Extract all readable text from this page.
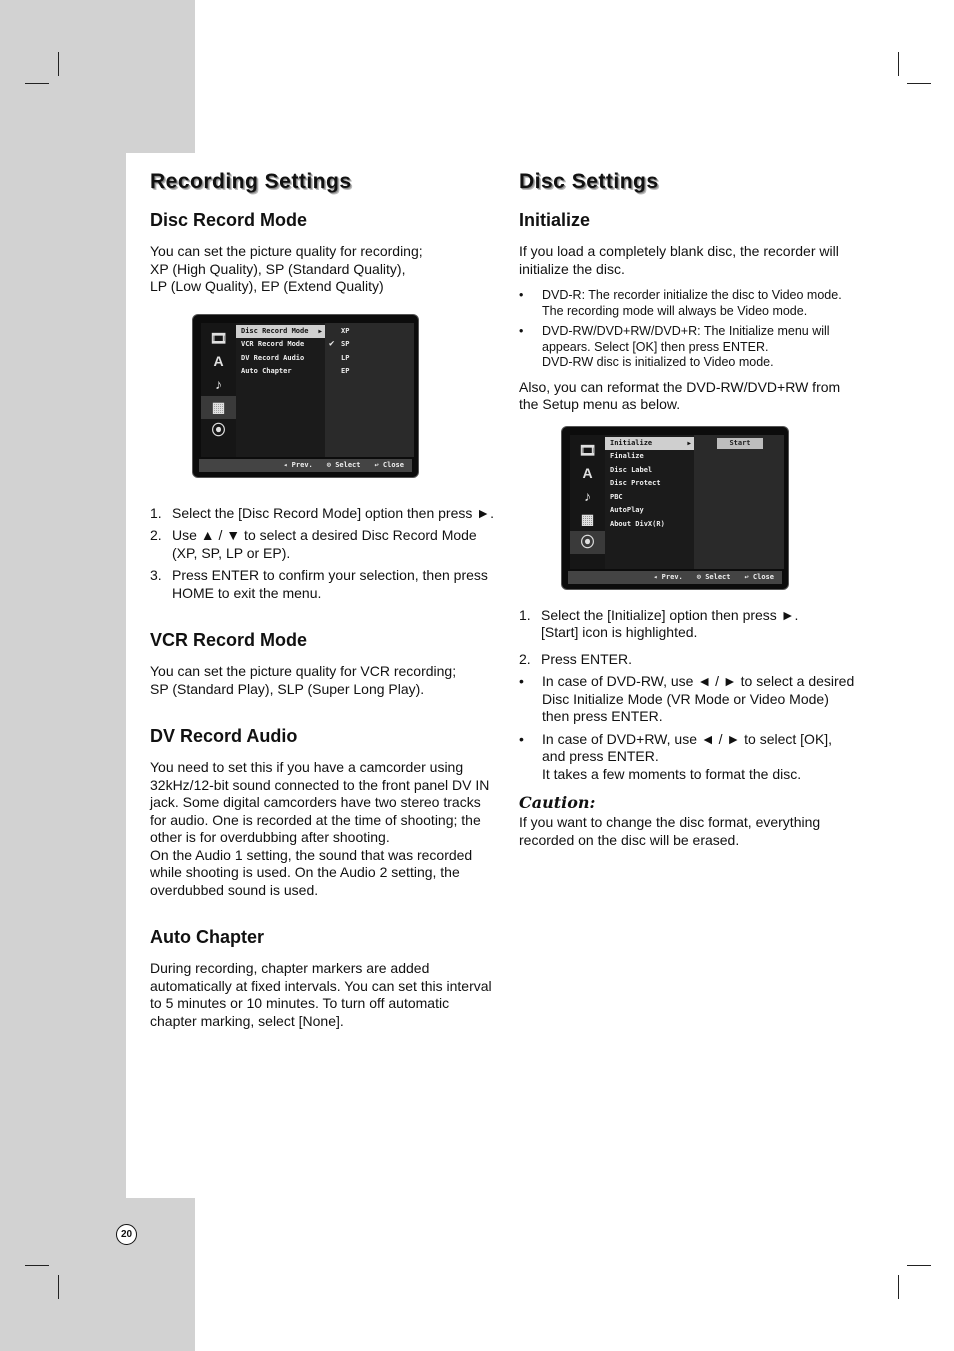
20
Recording Settings
Disc Record Mode

You can set the picture quality for recording;
XP (High Quality), SP (Standard Quality),
LP (Low Quality), EP (Extend Quality)

🎞
A
♪
▦
⦿
Disc Record Mode ▶
VCR Record Mode
DV Record Audio
Auto Chapter
XP
✔ SP
LP
EP
◂ Prev. ⊙ Select ↩ Close
1. Select the [Disc Record Mode] option then press ►.
2. Use ▲ / ▼ to select a desired Disc Record Mode (XP, SP, LP or EP).
3. Press ENTER to confirm your selection, then press HOME to exit the menu.
VCR Record Mode

You can set the picture quality for VCR recording;
SP (Standard Play), SLP (Super Long Play).

DV Record Audio

You need to set this if you have a camcorder using 32kHz/12-bit sound connected to the front panel DV IN jack. Some digital camcorders have two stereo tracks for audio. One is recorded at the time of shooting; the other is for overdubbing after shooting.

On the Audio 1 setting, the sound that was recorded while shooting is used. On the Audio 2 setting, the overdubbed sound is used.

Auto Chapter

During recording, chapter markers are added automatically at fixed intervals. You can set this interval to 5 minutes or 10 minutes. To turn off automatic chapter marking, select [None].

Disc Settings
Initialize

If you load a completely blank disc, the recorder will initialize the disc.

• DVD-R: The recorder initialize the disc to Video mode.
The recording mode will always be Video mode.
• DVD-RW/DVD+RW/DVD+R: The Initialize menu will appears. Select [OK] then press ENTER.
DVD-RW disc is initialized to Video mode.

Also, you can reformat the DVD-RW/DVD+RW from the Setup menu as below.

🎞
A
♪
▦
⦿
Initialize	▶
Finalize
Disc Label
Disc Protect
PBC
AutoPlay
About DivX(R)
Start
◂ Prev. ⊙ Select ↩ Close
1. Select the [Initialize] option then press ►.
[Start] icon is highlighted.
2. Press ENTER.
• In case of DVD-RW, use ◄ / ► to select a desired Disc Initialize Mode (VR Mode or Video Mode) then press ENTER.
• In case of DVD+RW, use ◄ / ► to select [OK], and press ENTER.
It takes a few moments to format the disc.
Caution:

If you want to change the disc format, everything recorded on the disc will be erased.
